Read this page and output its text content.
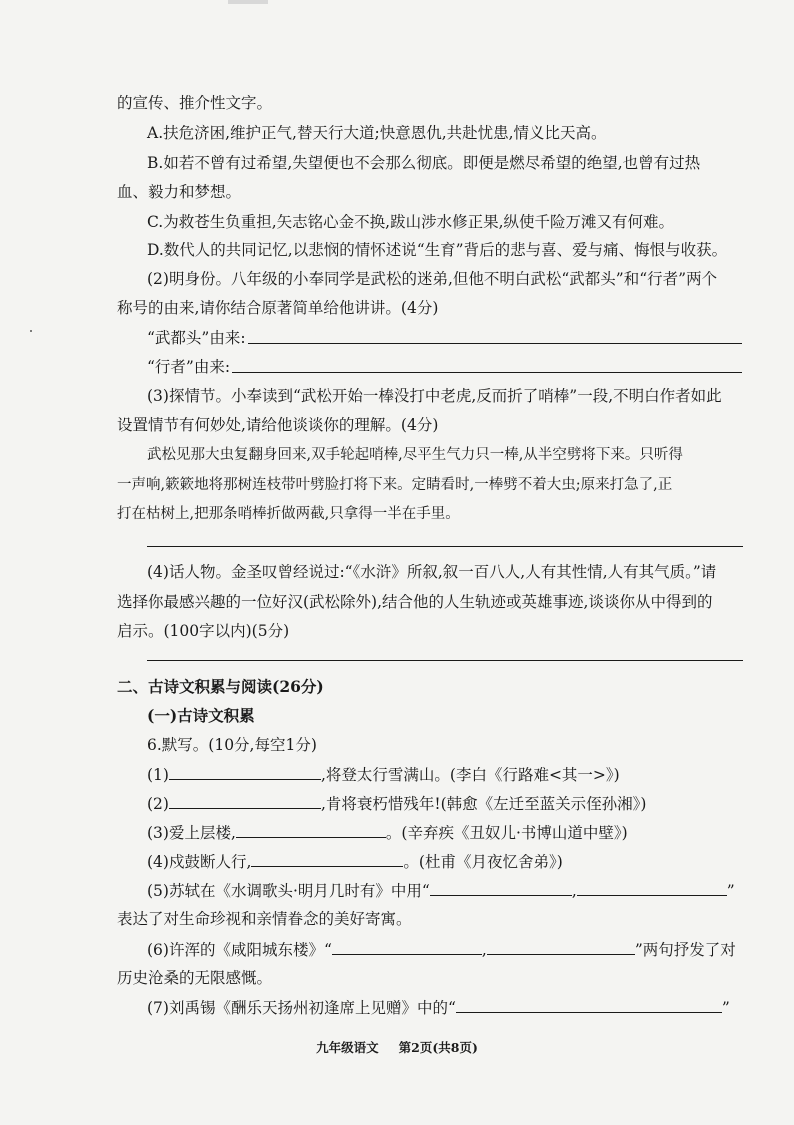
的宣传、推介性文字。
A.扶危济困,维护正气,替天行大道;快意恩仇,共赴忧患,情义比天高。
B.如若不曾有过希望,失望便也不会那么彻底。即便是燃尽希望的绝望,也曾有过热
血、毅力和梦想。
C.为救苍生负重担,矢志铭心金不换,跋山涉水修正果,纵使千险万滩又有何难。
D.数代人的共同记忆,以悲悯的情怀述说“生育”背后的悲与喜、爱与痛、悔恨与收获。
(2)明身份。八年级的小奉同学是武松的迷弟,但他不明白武松“武都头”和“行者”两个
称号的由来,请你结合原著简单给他讲讲。(4分)
“武都头”由来:
“行者”由来:
(3)探情节。小奉读到“武松开始一棒没打中老虎,反而折了哨棒”一段,不明白作者如此
设置情节有何妙处,请给他谈谈你的理解。(4分)
武松见那大虫复翻身回来,双手轮起哨棒,尽平生气力只一棒,从半空劈将下来。只听得
一声响,簌簌地将那树连枝带叶劈脸打将下来。定睛看时,一棒劈不着大虫;原来打急了,正
打在枯树上,把那条哨棒折做两截,只拿得一半在手里。
(4)话人物。金圣叹曾经说过:“《水浒》所叙,叙一百八人,人有其性情,人有其气质。”请
选择你最感兴趣的一位好汉(武松除外),结合他的人生轨迹或英雄事迹,谈谈你从中得到的
启示。(100字以内)(5分)
二、古诗文积累与阅读(26分)
(一)古诗文积累
6.默写。(10分,每空1分)
(1)	,将登太行雪满山。(李白《行路难<其一>》)
(2)	,肯将衰朽惜残年!(韩愈《左迁至蓝关示侄孙湘》)
(3)爱上层楼,	。(辛弃疾《丑奴儿·书博山道中壁》)
(4)戍鼓断人行,	。(杜甫《月夜忆舍弟》)
(5)苏轼在《水调歌头·明月几时有》中用“	,	”
表达了对生命珍视和亲情眷念的美好寄寓。
(6)许浑的《咸阳城东楼》“	,	”两句抒发了对
历史沧桑的无限感慨。
(7)刘禹锡《酬乐天扬州初逢席上见赠》中的“	”
九年级语文 第2页(共8页)
